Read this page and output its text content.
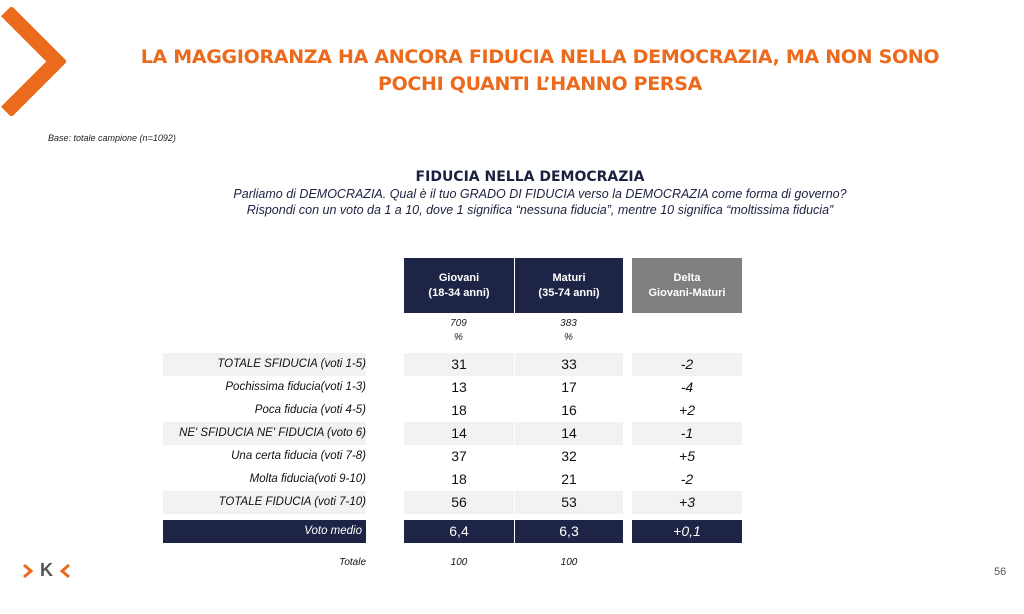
LA MAGGIORANZA HA ANCORA FIDUCIA NELLA DEMOCRAZIA, MA NON SONO
POCHI QUANTI L’HANNO PERSA
Base: totale campione (n=1092)
FIDUCIA NELLA DEMOCRAZIA
Parliamo di DEMOCRAZIA. Qual è il tuo GRADO DI FIDUCIA verso la DEMOCRAZIA come forma di governo?
Rispondi con un voto da 1 a 10, dove 1 significa “nessuna fiducia”, mentre 10 significa “moltissima fiducia”
Giovani
(18-34 anni)
Maturi
(35-74 anni)
Delta
Giovani-Maturi
709
%
383
%
TOTALE SFIDUCIA (voti 1-5)	31	33	-2
Pochissima fiducia(voti 1-3)	13	17	-4
Poca fiducia (voti 4-5)	18	16	+2
NE' SFIDUCIA NE' FIDUCIA (voto 6)	14	14	-1
Una certa fiducia (voti 7-8)	37	32	+5
Molta fiducia(voti 9-10)	18	21	-2
TOTALE FIDUCIA (voti 7-10)	56	53	+3
Voto medio	6,4	6,3	+0,1
Totale	100	100
K	56
